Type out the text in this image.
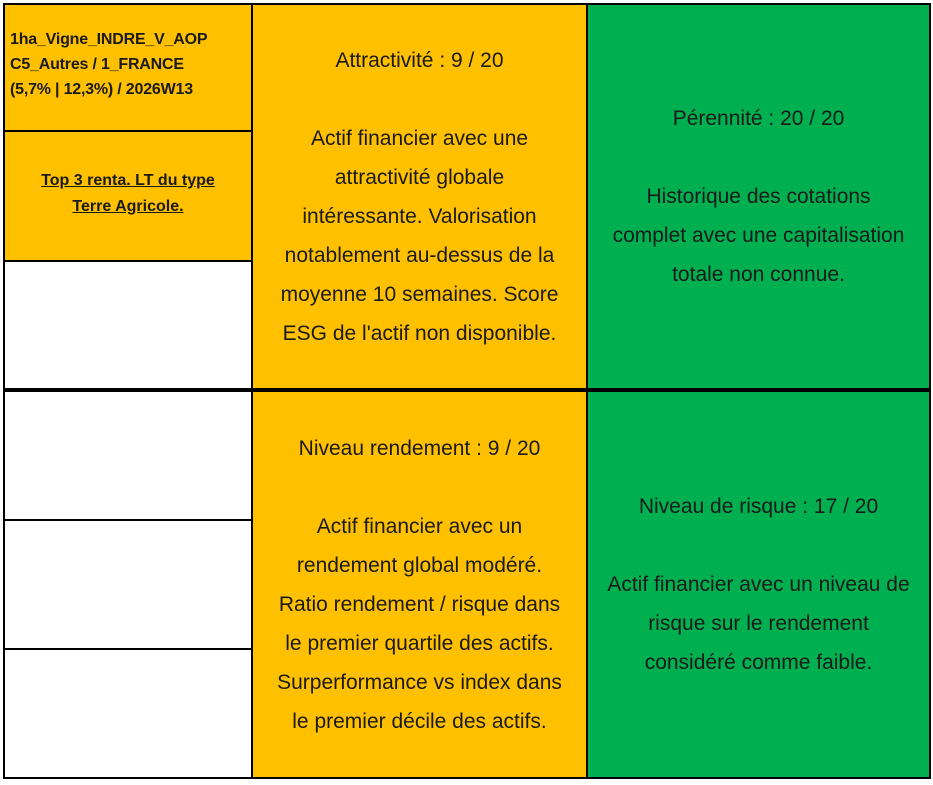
1ha_Vigne_INDRE_V_AOP
C5_Autres / 1_FRANCE
(5,7% | 12,3%) / 2026W13
Top 3 renta. LT du type
Terre Agricole.
Attractivité : 9 / 20
Actif financier avec une
attractivité globale
intéressante. Valorisation
notablement au-dessus de la
moyenne 10 semaines. Score
ESG de l'actif non disponible.
Pérennité : 20 / 20
Historique des cotations
complet avec une capitalisation
totale non connue.
Niveau rendement : 9 / 20
Actif financier avec un
rendement global modéré.
Ratio rendement / risque dans
le premier quartile des actifs.
Surperformance vs index dans
le premier décile des actifs.
Niveau de risque : 17 / 20
Actif financier avec un niveau de
risque sur le rendement
considéré comme faible.
